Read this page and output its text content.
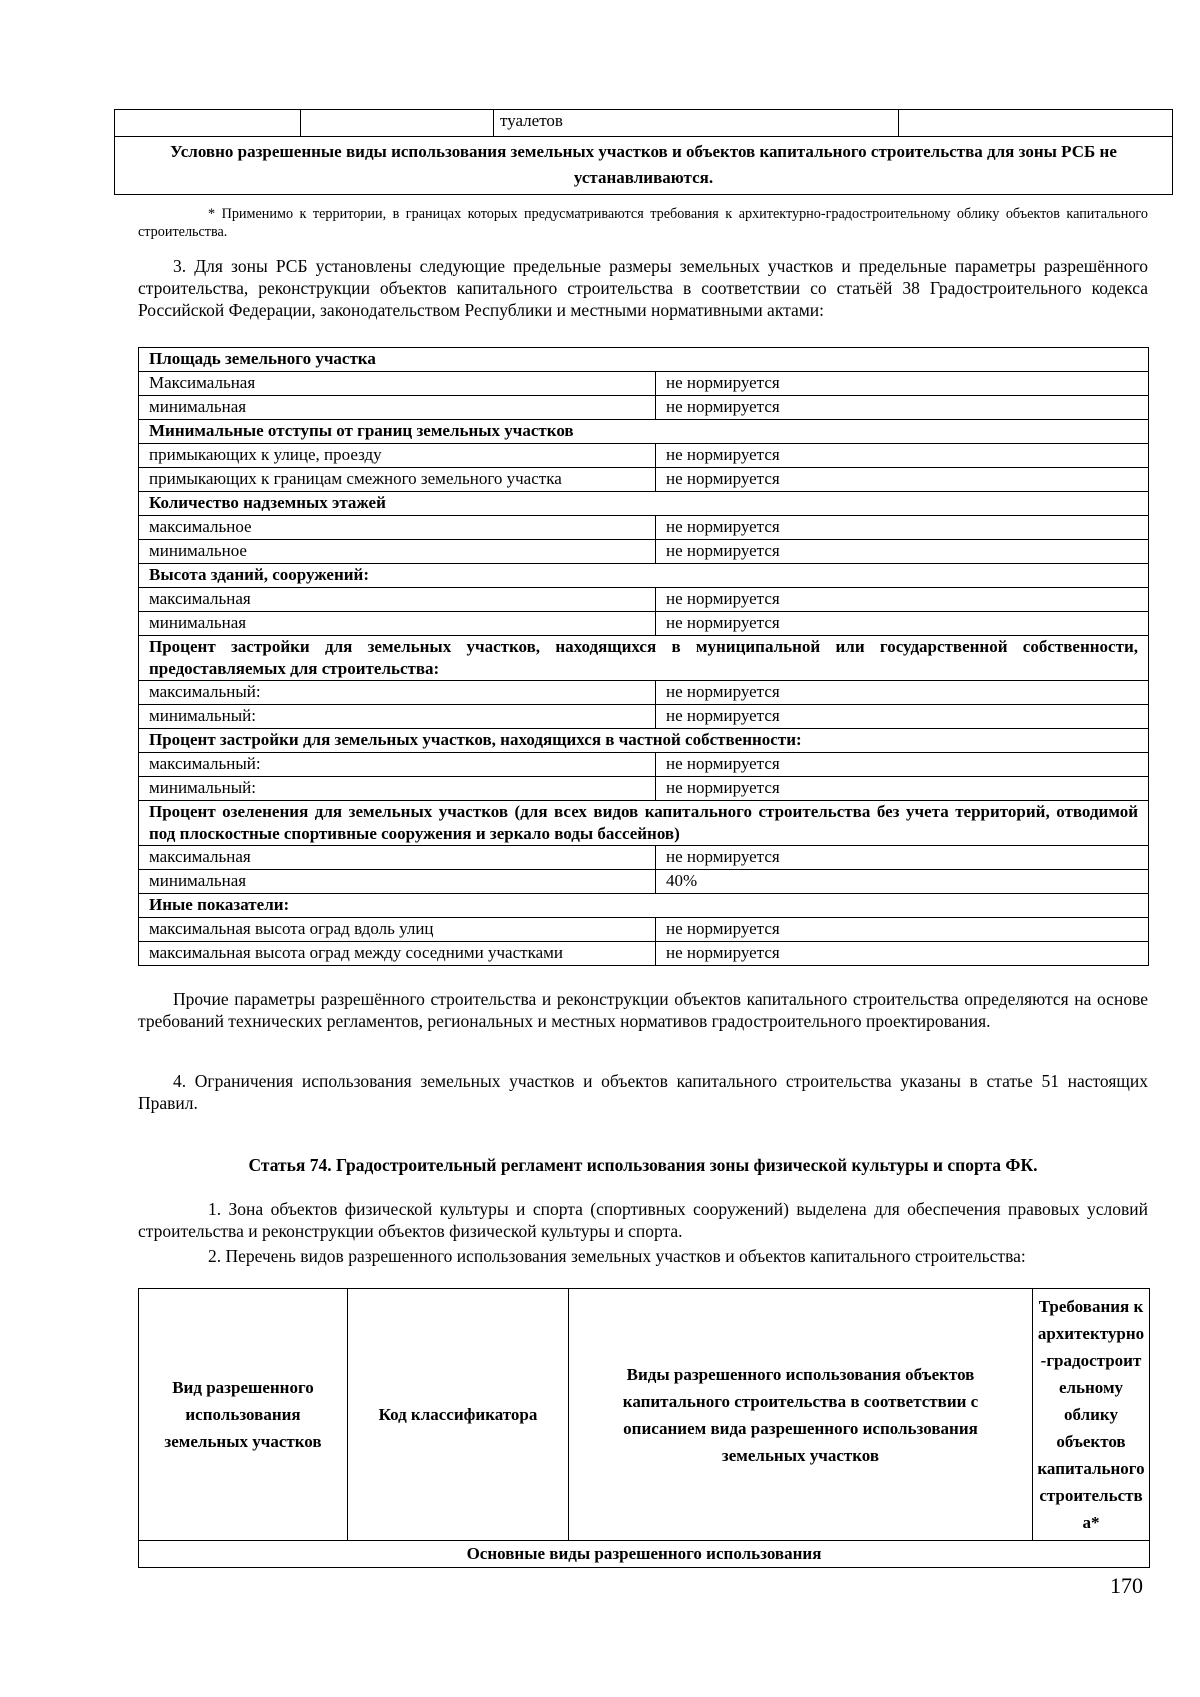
		туалетов	
Условно разрешенные виды использования земельных участков и объектов капитального строительства для зоны РСБ не устанавливаются.

* Применимо к территории, в границах которых предусматриваются требования к архитектурно-градостроительному облику объектов капитального строительства.

3. Для зоны РСБ установлены следующие предельные размеры земельных участков и предельные параметры разрешённого строительства, реконструкции объектов капитального строительства в соответствии со статьёй 38 Градостроительного кодекса Российской Федерации, законодательством Республики и местными нормативными актами:

Площадь земельного участка	
Максимальная	не нормируется
минимальная	не нормируется
Минимальные отступы от границ земельных участков	
примыкающих к улице, проезду	не нормируется
примыкающих к границам смежного земельного участка	не нормируется
Количество надземных этажей	
максимальное	не нормируется
минимальное	не нормируется
Высота зданий, сооружений:	
максимальная	не нормируется
минимальная	не нормируется
Процент застройки для земельных участков, находящихся в муниципальной или государственной собственности, предоставляемых для строительства:	
максимальный:	не нормируется
минимальный:	не нормируется
Процент застройки для земельных участков, находящихся в частной собственности:	
максимальный:	не нормируется
минимальный:	не нормируется
Процент озеленения для земельных участков (для всех видов капитального строительства без учета территорий, отводимой под плоскостные спортивные сооружения и зеркало воды бассейнов)	
максимальная	не нормируется
минимальная	40%
Иные показатели:	
максимальная высота оград вдоль улиц	не нормируется
максимальная высота оград между соседними участками	не нормируется

Прочие параметры разрешённого строительства и реконструкции объектов капитального строительства определяются на основе требований технических регламентов, региональных и местных нормативов градостроительного проектирования.

4. Ограничения использования земельных участков и объектов капитального строительства указаны в статье 51 настоящих Правил.

Статья 74. Градостроительный регламент использования зоны физической культуры и спорта ФК.

1. Зона объектов физической культуры и спорта (спортивных сооружений) выделена для обеспечения правовых условий строительства и реконструкции объектов физической культуры и спорта.

2. Перечень видов разрешенного использования земельных участков и объектов капитального строительства:

Вид разрешенного использования земельных участков	Код классификатора	Виды разрешенного использования объектов капитального строительства в соответствии с описанием вида разрешенного использования земельных участков	Требования к архитектурно-градостроительному облику объектов капитального строительства*
Основные виды разрешенного использования
170
